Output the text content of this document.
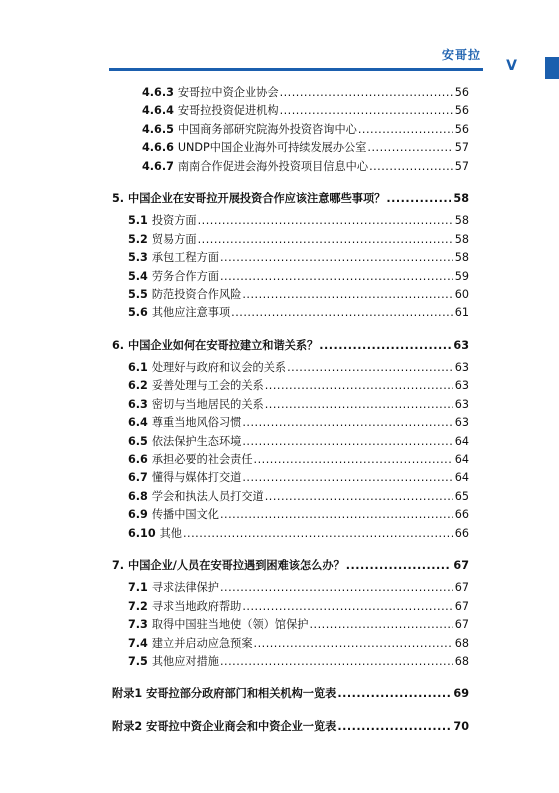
安哥拉
V
4.6.3 安哥拉中资企业协会 .....	56
4.6.4 安哥拉投资促进机构 .....	56
4.6.5 中国商务部研究院海外投资咨询中心 .....	56
4.6.6 UNDP中国企业海外可持续发展办公室 .....	57
4.6.7 南南合作促进会海外投资项目信息中心 .....	57
5. 中国企业在安哥拉开展投资合作应该注意哪些事项？ .....	58
5.1 投资方面 .....	58
5.2 贸易方面 .....	58
5.3 承包工程方面 .....	58
5.4 劳务合作方面 .....	59
5.5 防范投资合作风险 .....	60
5.6 其他应注意事项 .....	61
6. 中国企业如何在安哥拉建立和谐关系？ .....	63
6.1 处理好与政府和议会的关系 .....	63
6.2 妥善处理与工会的关系 .....	63
6.3 密切与当地居民的关系 .....	63
6.4 尊重当地风俗习惯 .....	63
6.5 依法保护生态环境 .....	64
6.6 承担必要的社会责任 .....	64
6.7 懂得与媒体打交道 .....	64
6.8 学会和执法人员打交道 .....	65
6.9 传播中国文化 .....	66
6.10 其他 .....	66
7. 中国企业/人员在安哥拉遇到困难该怎么办？ .....	67
7.1 寻求法律保护 .....	67
7.2 寻求当地政府帮助 .....	67
7.3 取得中国驻当地使（领）馆保护 .....	67
7.4 建立并启动应急预案 .....	68
7.5 其他应对措施 .....	68
附录1 安哥拉部分政府部门和相关机构一览表 .....	69
附录2 安哥拉中资企业商会和中资企业一览表 .....	70
